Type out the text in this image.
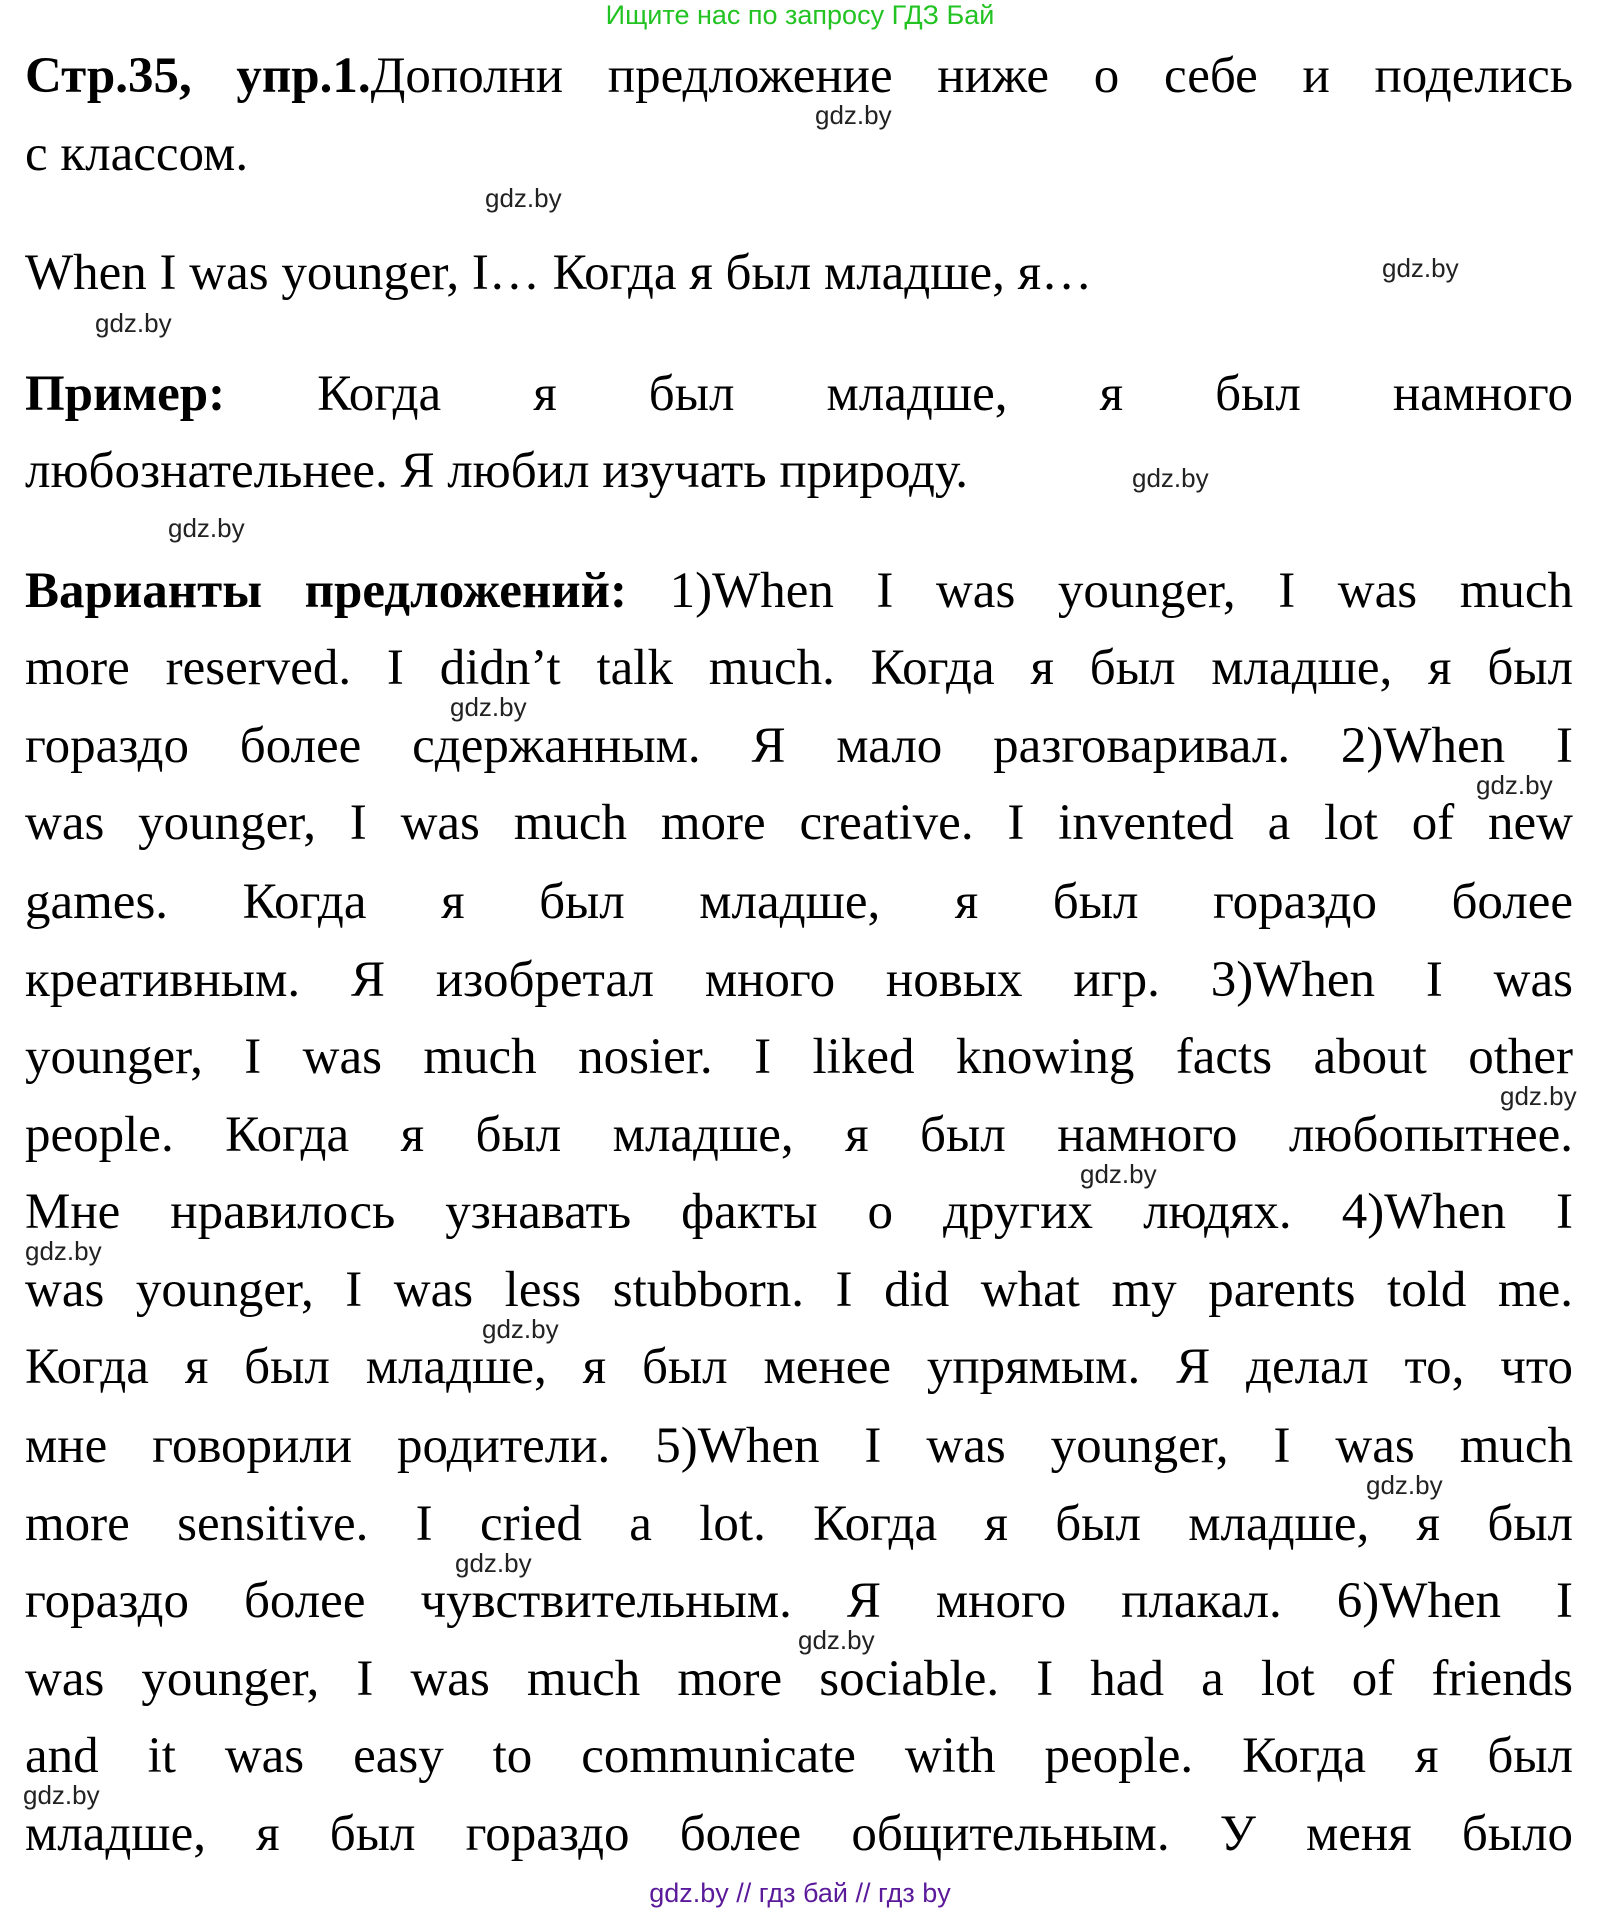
Ищите нас по запросу ГДЗ Бай
Стр.35, упр.1.Дополни предложение ниже о себе и поделись
с классом.
When I was younger, I… Когда я был младше, я…
Пример: Когда я был младше, я был намного
любознательнее. Я любил изучать природу.
Варианты предложений: 1)When I was younger, I was much
more reserved. I didn’t talk much. Когда я был младше, я был
гораздо более сдержанным. Я мало разговаривал. 2)When I
was younger, I was much more creative. I invented a lot of new
games. Когда я был младше, я был гораздо более
креативным. Я изобретал много новых игр. 3)When I was
younger, I was much nosier. I liked knowing facts about other
people. Когда я был младше, я был намного любопытнее.
Мне нравилось узнавать факты о других людях. 4)When I
was younger, I was less stubborn. I did what my parents told me.
Когда я был младше, я был менее упрямым. Я делал то, что
мне говорили родители. 5)When I was younger, I was much
more sensitive. I cried a lot. Когда я был младше, я был
гораздо более чувствительным. Я много плакал. 6)When I
was younger, I was much more sociable. I had a lot of friends
and it was easy to communicate with people. Когда я был
младше, я был гораздо более общительным. У меня было
gdz.by
gdz.by
gdz.by
gdz.by
gdz.by
gdz.by
gdz.by
gdz.by
gdz.by
gdz.by
gdz.by
gdz.by
gdz.by
gdz.by
gdz.by
gdz.by
gdz.by // гдз бай // гдз by
